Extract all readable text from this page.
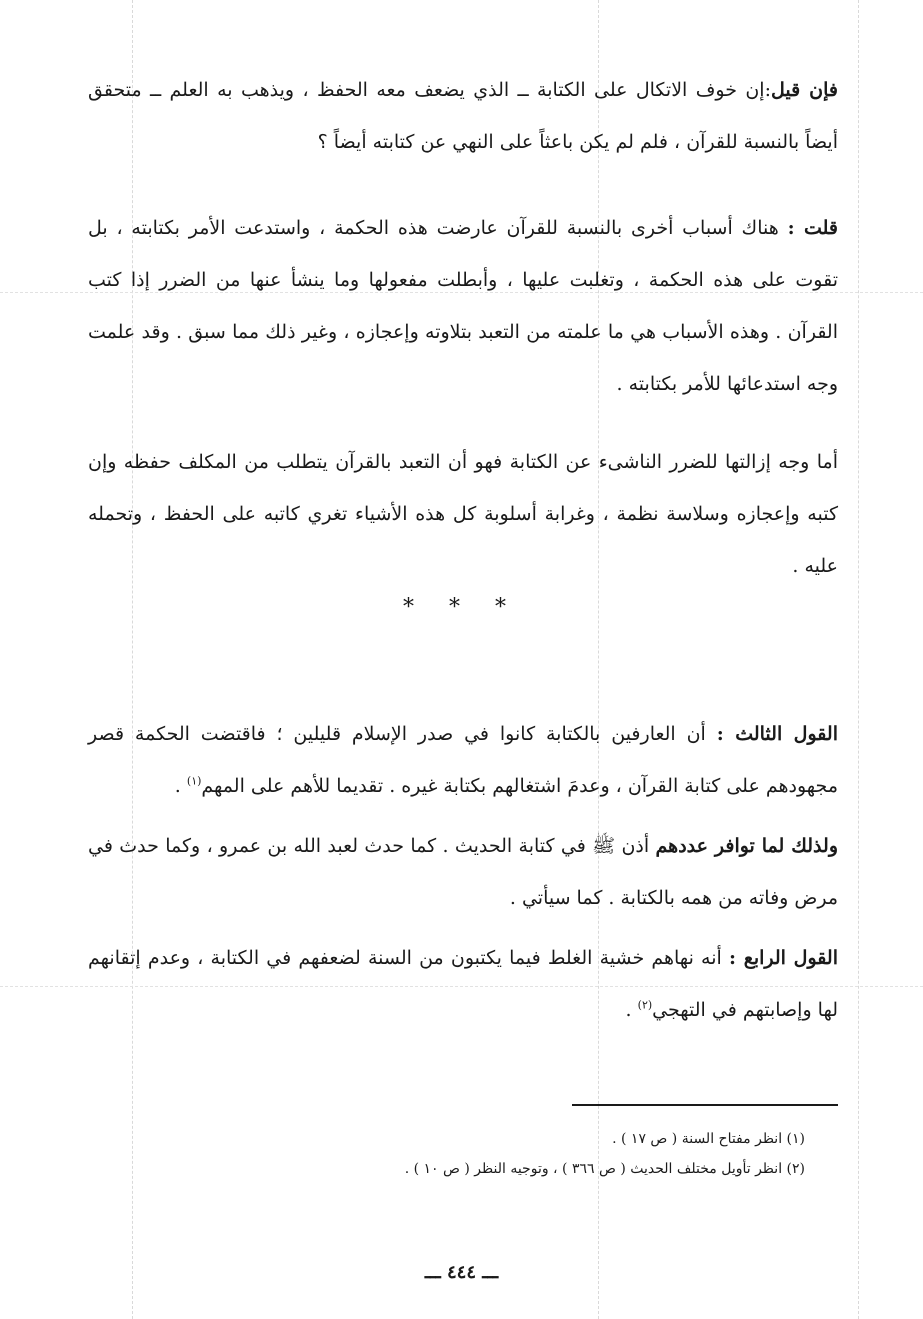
فإن قيل:إن خوف الاتكال على الكتابة ــ الذي يضعف معه الحفظ ، ويذهب به العلم ــ متحقق أيضاً بالنسبة للقرآن ، فلم لم يكن باعثاً على النهي عن كتابته أيضاً ؟

قلت : هناك أسباب أخرى بالنسبة للقرآن عارضت هذه الحكمة ، واستدعت الأمر بكتابته ، بل تقوت على هذه الحكمة ، وتغلبت عليها ، وأبطلت مفعولها وما ينشأ عنها من الضرر إذا كتب القرآن . وهذه الأسباب هي ما علمته من التعبد بتلاوته وإعجازه ، وغير ذلك مما سبق . وقد علمت وجه استدعائها للأمر بكتابته .

أما وجه إزالتها للضرر الناشىء عن الكتابة فهو أن التعبد بالقرآن يتطلب من المكلف حفظه وإن كتبه وإعجازه وسلاسة نظمة ، وغرابة أسلوبة كل هذه الأشياء تغري كاتبه على الحفظ ، وتحمله عليه .

* * *

القول الثالث : أن العارفين بالكتابة كانوا في صدر الإسلام قليلين ؛ فاقتضت الحكمة قصر مجهودهم على كتابة القرآن ، وعدمَ اشتغالهم بكتابة غيره . تقديما للأهم على المهم$^{(١)}$ .

ولذلك لما توافر عددهم أذن ﷺ في كتابة الحديث . كما حدث لعبد الله بن عمرو ، وكما حدث في مرض وفاته من همه بالكتابة . كما سيأتي .

القول الرابع : أنه نهاهم خشية الغلط فيما يكتبون من السنة لضعفهم في الكتابة ، وعدم إتقانهم لها وإصابتهم في التهجي$^{(٢)}$ .

(١) انظر مفتاح السنة ( ص ١٧ ) .
(٢) انظر تأويل مختلف الحديث ( ص ٣٦٦ ) ، وتوجيه النظر ( ص ١٠ ) .
ـــ ٤٤٤ ـــ
